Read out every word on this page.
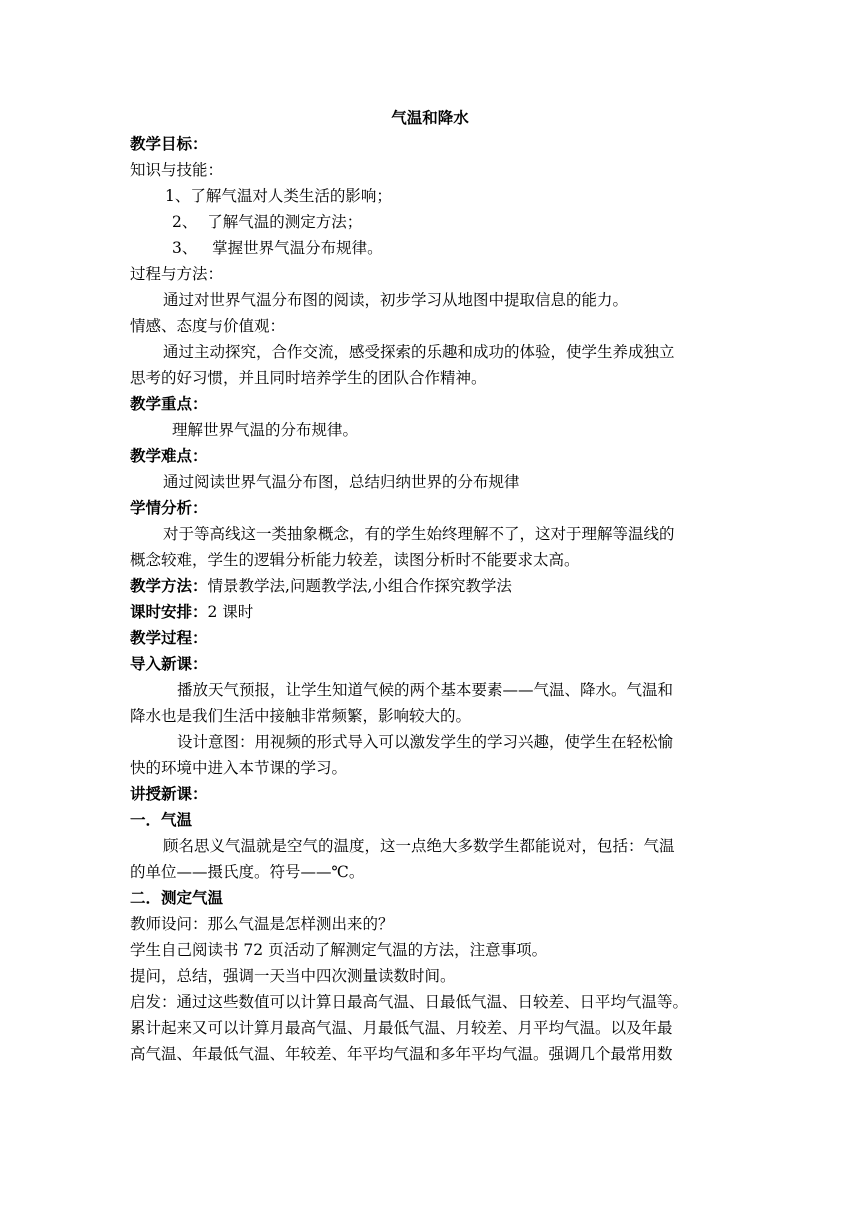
气温和降水
教学目标：
知识与技能：
1、了解气温对人类生活的影响；
2、  了解气温的测定方法；
3、   掌握世界气温分布规律。
过程与方法：
通过对世界气温分布图的阅读，初步学习从地图中提取信息的能力。
情感、态度与价值观：
通过主动探究，合作交流，感受探索的乐趣和成功的体验，使学生养成独立
思考的好习惯，并且同时培养学生的团队合作精神。
教学重点：
理解世界气温的分布规律。
教学难点：
通过阅读世界气温分布图，总结归纳世界的分布规律
学情分析：
对于等高线这一类抽象概念，有的学生始终理解不了，这对于理解等温线的
概念较难，学生的逻辑分析能力较差，读图分析时不能要求太高。
教学方法：情景教学法,问题教学法,小组合作探究教学法
课时安排：2 课时
教学过程：
导入新课：
播放天气预报，让学生知道气候的两个基本要素——气温、降水。气温和
降水也是我们生活中接触非常频繁，影响较大的。
设计意图：用视频的形式导入可以激发学生的学习兴趣，使学生在轻松愉
快的环境中进入本节课的学习。
讲授新课：
一．气温
顾名思义气温就是空气的温度，这一点绝大多数学生都能说对，包括：气温
的单位——摄氏度。符号——℃。
二．测定气温
教师设问：那么气温是怎样测出来的？
学生自己阅读书 72 页活动了解测定气温的方法，注意事项。
提问，总结，强调一天当中四次测量读数时间。
启发：通过这些数值可以计算日最高气温、日最低气温、日较差、日平均气温等。
累计起来又可以计算月最高气温、月最低气温、月较差、月平均气温。以及年最
高气温、年最低气温、年较差、年平均气温和多年平均气温。强调几个最常用数
